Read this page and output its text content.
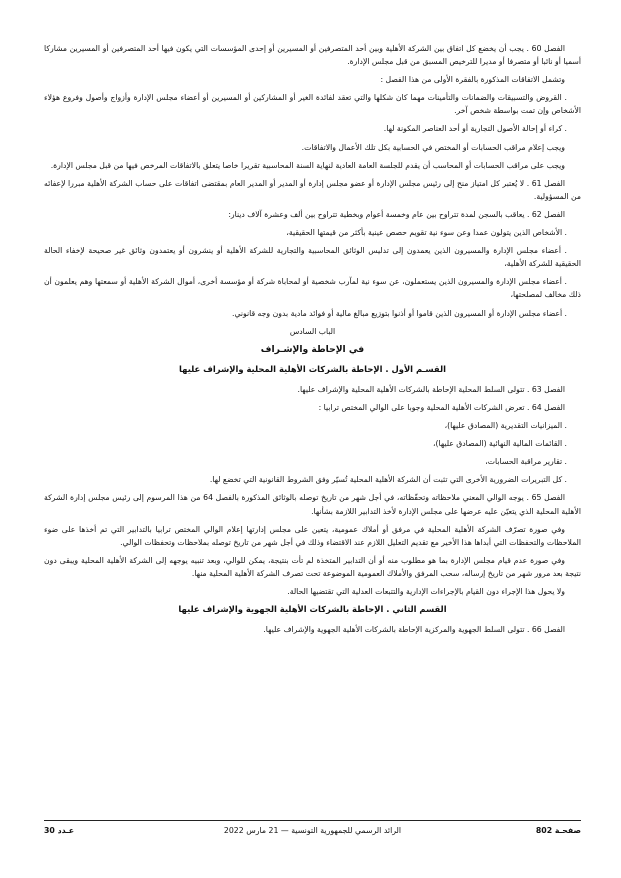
الفصل 60 . يجب أن يخضع كل اتفاق بين الشركة الأهلية وبين أحد المتصرفين أو المسيرين أو إحدى المؤسسات التي يكون فيها أحد المتصرفين أو المسيرين مشاركا أسميا أو نائبا أو متصرفا أو مديرا للترخيص المسبق من قبل مجلس الإدارة.

وتشمل الاتفاقات المذكورة بالفقرة الأولى من هذا الفصل :

. القروض والتسبيقات والضمانات والتأمينات مهما كان شكلها والتي تعقد لفائدة الغير أو المشاركين أو المسيرين أو أعضاء مجلس الإدارة وأزواج وأصول وفروع هؤلاء الأشخاص وإن تمت بواسطة شخص آخر.

. كراء أو إحالة الأصول التجارية أو أحد العناصر المكونة لها.

ويجب إعلام مراقب الحسابات أو المختص في الحسابية بكل تلك الأعمال والاتفاقات.

ويجب على مراقب الحسابات أو المحاسب أن يقدم للجلسة العامة العادية لنهاية السنة المحاسبية تقريرا خاصا يتعلق بالاتفاقات المرخص فيها من قبل مجلس الإدارة.

الفصل 61 . لا يُعتبر كل امتياز منح إلى رئيس مجلس الإدارة أو عضو مجلس إدارة أو المدير أو المدير العام بمقتضى اتفاقات على حساب الشركة الأهلية مبررا لإعفائه من المسؤولية.

الفصل 62 . يعاقب بالسجن لمدة تتراوح بين عام وخمسة أعوام وبخطية تتراوح بين ألف وعشرة آلاف دينار:

. الأشخاص الذين يتولون عمدا وعن سوء نية تقويم حصص عينية بأكثر من قيمتها الحقيقية،

. أعضاء مجلس الإدارة والمسيرون الذين يعمدون إلى تدليس الوثائق المحاسبية والتجارية للشركة الأهلية أو ينشرون أو يعتمدون وثائق غير صحيحة لإخفاء الحالة الحقيقية للشركة الأهلية،

. أعضاء مجلس الإدارة والمسيرون الذين يستعملون، عن سوء نية لمآرب شخصية أو لمحاباة شركة أو مؤسسة أخرى، أموال الشركة الأهلية أو سمعتها وهم يعلمون أن ذلك مخالف لمصلحتها،

. أعضاء مجلس الإدارة أو المسيرون الذين قاموا أو أذنوا بتوزيع مبالغ مالية أو فوائد مادية بدون وجه قانوني.

الباب السادس

في الإحاطة والإشـراف

القسـم الأول . الإحاطة بالشركات الأهلية المحلية والإشراف عليها

الفصل 63 . تتولى السلط المحلية الإحاطة بالشركات الأهلية المحلية والإشراف عليها.

الفصل 64 . تعرض الشركات الأهلية المحلية وجوبا على الوالي المختص ترابيا :

. الميزانيات التقديرية (المصادق عليها)،

. القائمات المالية النهائية (المصادق عليها)،

. تقارير مراقبة الحسابات،

. كل التبريرات الضرورية الأخرى التي تثبت أن الشركة الأهلية المحلية تُسيّر وفق الشروط القانونية التي تخضع لها.

الفصل 65 . يوجه الوالي المعني ملاحظاته وتحفّظاته، في أجل شهر من تاريخ توصله بالوثائق المذكورة بالفصل 64 من هذا المرسوم إلى رئيس مجلس إدارة الشركة الأهلية المحلية الذي يتعيّن عليه عرضها على مجلس الإدارة لأخذ التدابير اللازمة بشأنها.

وفي صورة تصرّف الشركة الأهلية المحلية في مرفق أو أملاك عمومية، يتعين على مجلس إدارتها إعلام الوالي المختص ترابيا بالتدابير التي تم أخذها على ضوء الملاحظات والتحفظات التي أبداها هذا الأخير مع تقديم التعليل اللازم عند الاقتضاء وذلك في أجل شهر من تاريخ توصله بملاحظات وتحفظات الوالي.

وفي صورة عدم قيام مجلس الإدارة بما هو مطلوب منه أو أن التدابير المتخذة لم تأت بنتيجة، يمكن للوالي، وبعد تنبيه يوجهه إلى الشركة الأهلية المحلية ويبقى دون نتيجة بعد مرور شهر من تاريخ إرساله، سحب المرفق والأملاك العمومية الموضوعة تحت تصرف الشركة الأهلية المحلية منها.

ولا يحول هذا الإجراء دون القيام بالإجراءات الإدارية والتتبعات العدلية التي تقتضيها الحالة.

القسم الثاني . الإحاطة بالشركات الأهلية الجهوية والإشراف عليها

الفصل 66 . تتولى السلط الجهوية والمركزية الإحاطة بالشركات الأهلية الجهوية والإشراف عليها.

صفحـة 802
الرائد الرسمي للجمهورية التونسية — 21 مارس 2022
عـدد 30
